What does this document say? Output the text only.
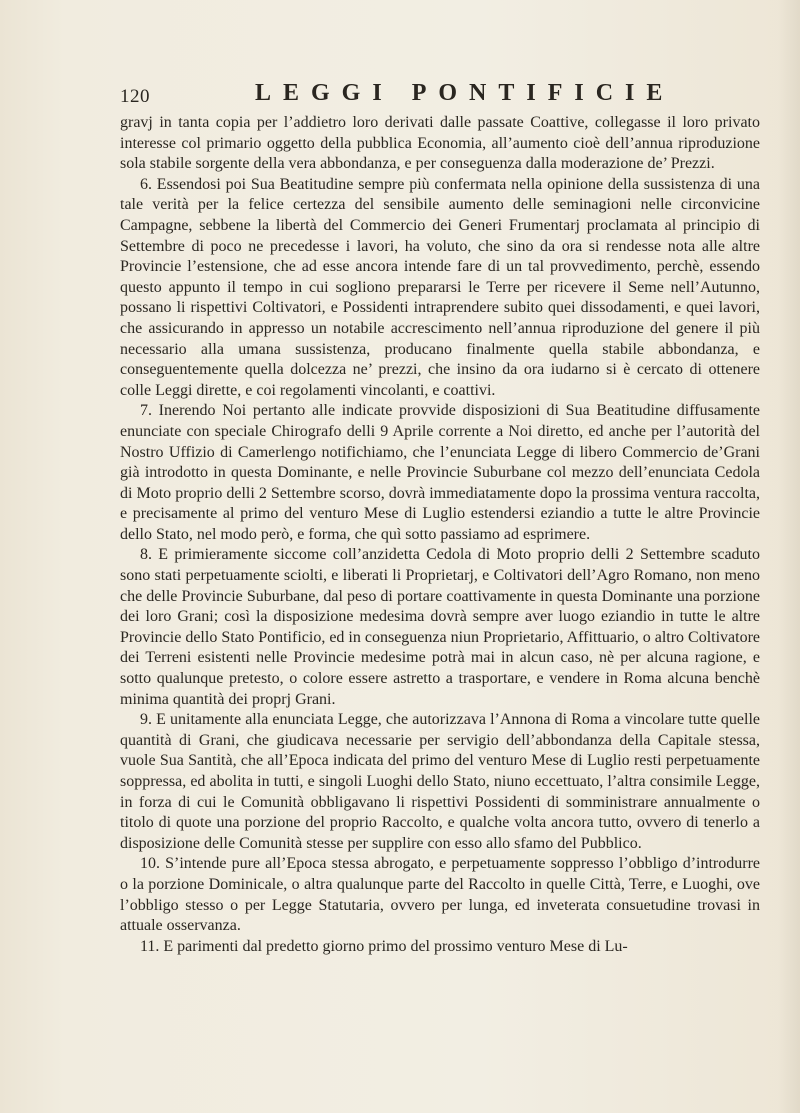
120	LEGGI PONTIFICIE

gravj in tanta copia per l’addietro loro derivati dalle passate Coattive, collegasse il loro privato interesse col primario oggetto della pubblica Economia, all’aumento cioè dell’annua riproduzione sola stabile sorgente della vera abbondanza, e per conseguenza dalla moderazione de’ Prezzi.

6. Essendosi poi Sua Beatitudine sempre più confermata nella opinione della sussistenza di una tale verità per la felice certezza del sensibile aumento delle seminagioni nelle circonvicine Campagne, sebbene la libertà del Commercio dei Generi Frumentarj proclamata al principio di Settembre di poco ne precedesse i lavori, ha voluto, che sino da ora si rendesse nota alle altre Provincie l’estensione, che ad esse ancora intende fare di un tal provvedimento, perchè, essendo questo appunto il tempo in cui sogliono prepararsi le Terre per ricevere il Seme nell’Autunno, possano li rispettivi Coltivatori, e Possidenti intraprendere subito quei dissodamenti, e quei lavori, che assicurando in appresso un notabile accrescimento nell’annua riproduzione del genere il più necessario alla umana sussistenza, producano finalmente quella stabile abbondanza, e conseguentemente quella dolcezza ne’ prezzi, che insino da ora iudarno si è cercato di ottenere colle Leggi dirette, e coi regolamenti vincolanti, e coattivi.

7. Inerendo Noi pertanto alle indicate provvide disposizioni di Sua Beatitudine diffusamente enunciate con speciale Chirografo delli 9 Aprile corrente a Noi diretto, ed anche per l’autorità del Nostro Uffizio di Camerlengo notifichiamo, che l’enunciata Legge di libero Commercio de’Grani già introdotto in questa Dominante, e nelle Provincie Suburbane col mezzo dell’enunciata Cedola di Moto proprio delli 2 Settembre scorso, dovrà immediatamente dopo la prossima ventura raccolta, e precisamente al primo del venturo Mese di Luglio estendersi eziandio a tutte le altre Provincie dello Stato, nel modo però, e forma, che quì sotto passiamo ad esprimere.

8. E primieramente siccome coll’anzidetta Cedola di Moto proprio delli 2 Settembre scaduto sono stati perpetuamente sciolti, e liberati li Proprietarj, e Coltivatori dell’Agro Romano, non meno che delle Provincie Suburbane, dal peso di portare coattivamente in questa Dominante una porzione dei loro Grani; così la disposizione medesima dovrà sempre aver luogo eziandio in tutte le altre Provincie dello Stato Pontificio, ed in conseguenza niun Proprietario, Affittuario, o altro Coltivatore dei Terreni esistenti nelle Provincie medesime potrà mai in alcun caso, nè per alcuna ragione, e sotto qualunque pretesto, o colore essere astretto a trasportare, e vendere in Roma alcuna benchè minima quantità dei proprj Grani.

9. E unitamente alla enunciata Legge, che autorizzava l’Annona di Roma a vincolare tutte quelle quantità di Grani, che giudicava necessarie per servigio dell’abbondanza della Capitale stessa, vuole Sua Santità, che all’Epoca indicata del primo del venturo Mese di Luglio resti perpetuamente soppressa, ed abolita in tutti, e singoli Luoghi dello Stato, niuno eccettuato, l’altra consimile Legge, in forza di cui le Comunità obbligavano li rispettivi Possidenti di somministrare annualmente o titolo di quote una porzione del proprio Raccolto, e qualche volta ancora tutto, ovvero di tenerlo a disposizione delle Comunità stesse per supplire con esso allo sfamo del Pubblico.

10. S’intende pure all’Epoca stessa abrogato, e perpetuamente soppresso l’obbligo d’introdurre o la porzione Dominicale, o altra qualunque parte del Raccolto in quelle Città, Terre, e Luoghi, ove l’obbligo stesso o per Legge Statutaria, ovvero per lunga, ed inveterata consuetudine trovasi in attuale osservanza.

11. E parimenti dal predetto giorno primo del prossimo venturo Mese di Lu-
